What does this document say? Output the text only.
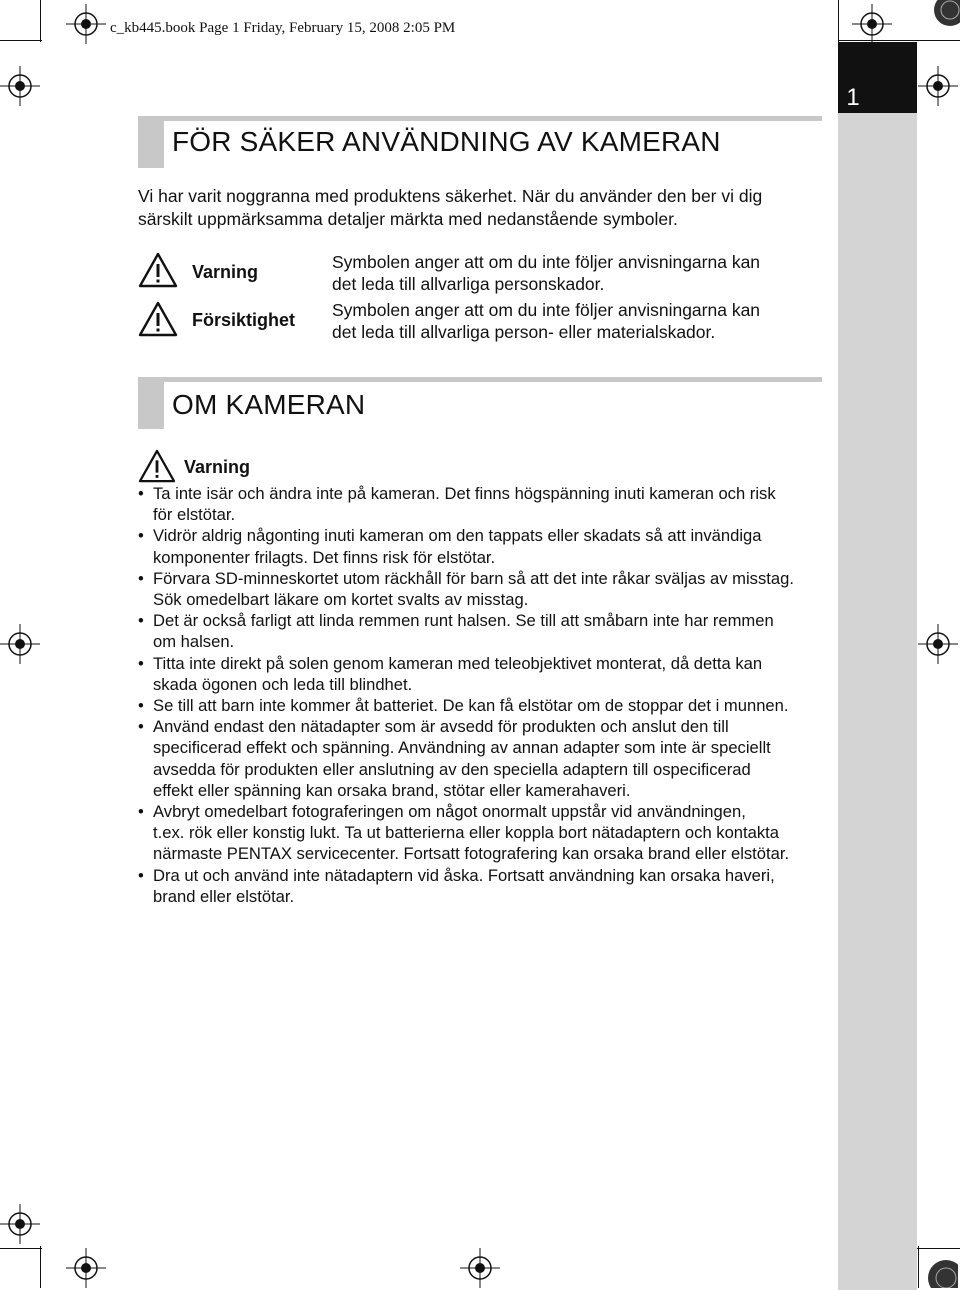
c_kb445.book Page 1 Friday, February 15, 2008 2:05 PM
1
FÖR SÄKER ANVÄNDNING AV KAMERAN
Vi har varit noggranna med produktens säkerhet. När du använder den ber vi dig
särskilt uppmärksamma detaljer märkta med nedanstående symboler.
Varning	Symbolen anger att om du inte följer anvisningarna kan
det leda till allvarliga personskador.
Försiktighet Symbolen anger att om du inte följer anvisningarna kan
det leda till allvarliga person- eller materialskador.
OM KAMERAN
Varning
• Ta inte isär och ändra inte på kameran. Det finns högspänning inuti kameran och risk
för elstötar.
• Vidrör aldrig någonting inuti kameran om den tappats eller skadats så att invändiga
komponenter frilagts. Det finns risk för elstötar.
• Förvara SD-minneskortet utom räckhåll för barn så att det inte råkar sväljas av misstag.
Sök omedelbart läkare om kortet svalts av misstag.
• Det är också farligt att linda remmen runt halsen. Se till att småbarn inte har remmen
om halsen.
• Titta inte direkt på solen genom kameran med teleobjektivet monterat, då detta kan
skada ögonen och leda till blindhet.
• Se till att barn inte kommer åt batteriet. De kan få elstötar om de stoppar det i munnen.
• Använd endast den nätadapter som är avsedd för produkten och anslut den till
specificerad effekt och spänning. Användning av annan adapter som inte är speciellt
avsedda för produkten eller anslutning av den speciella adaptern till ospecificerad
effekt eller spänning kan orsaka brand, stötar eller kamerahaveri.
• Avbryt omedelbart fotograferingen om något onormalt uppstår vid användningen,
t.ex. rök eller konstig lukt. Ta ut batterierna eller koppla bort nätadaptern och kontakta
närmaste PENTAX servicecenter. Fortsatt fotografering kan orsaka brand eller elstötar.
• Dra ut och använd inte nätadaptern vid åska. Fortsatt användning kan orsaka haveri,
brand eller elstötar.
